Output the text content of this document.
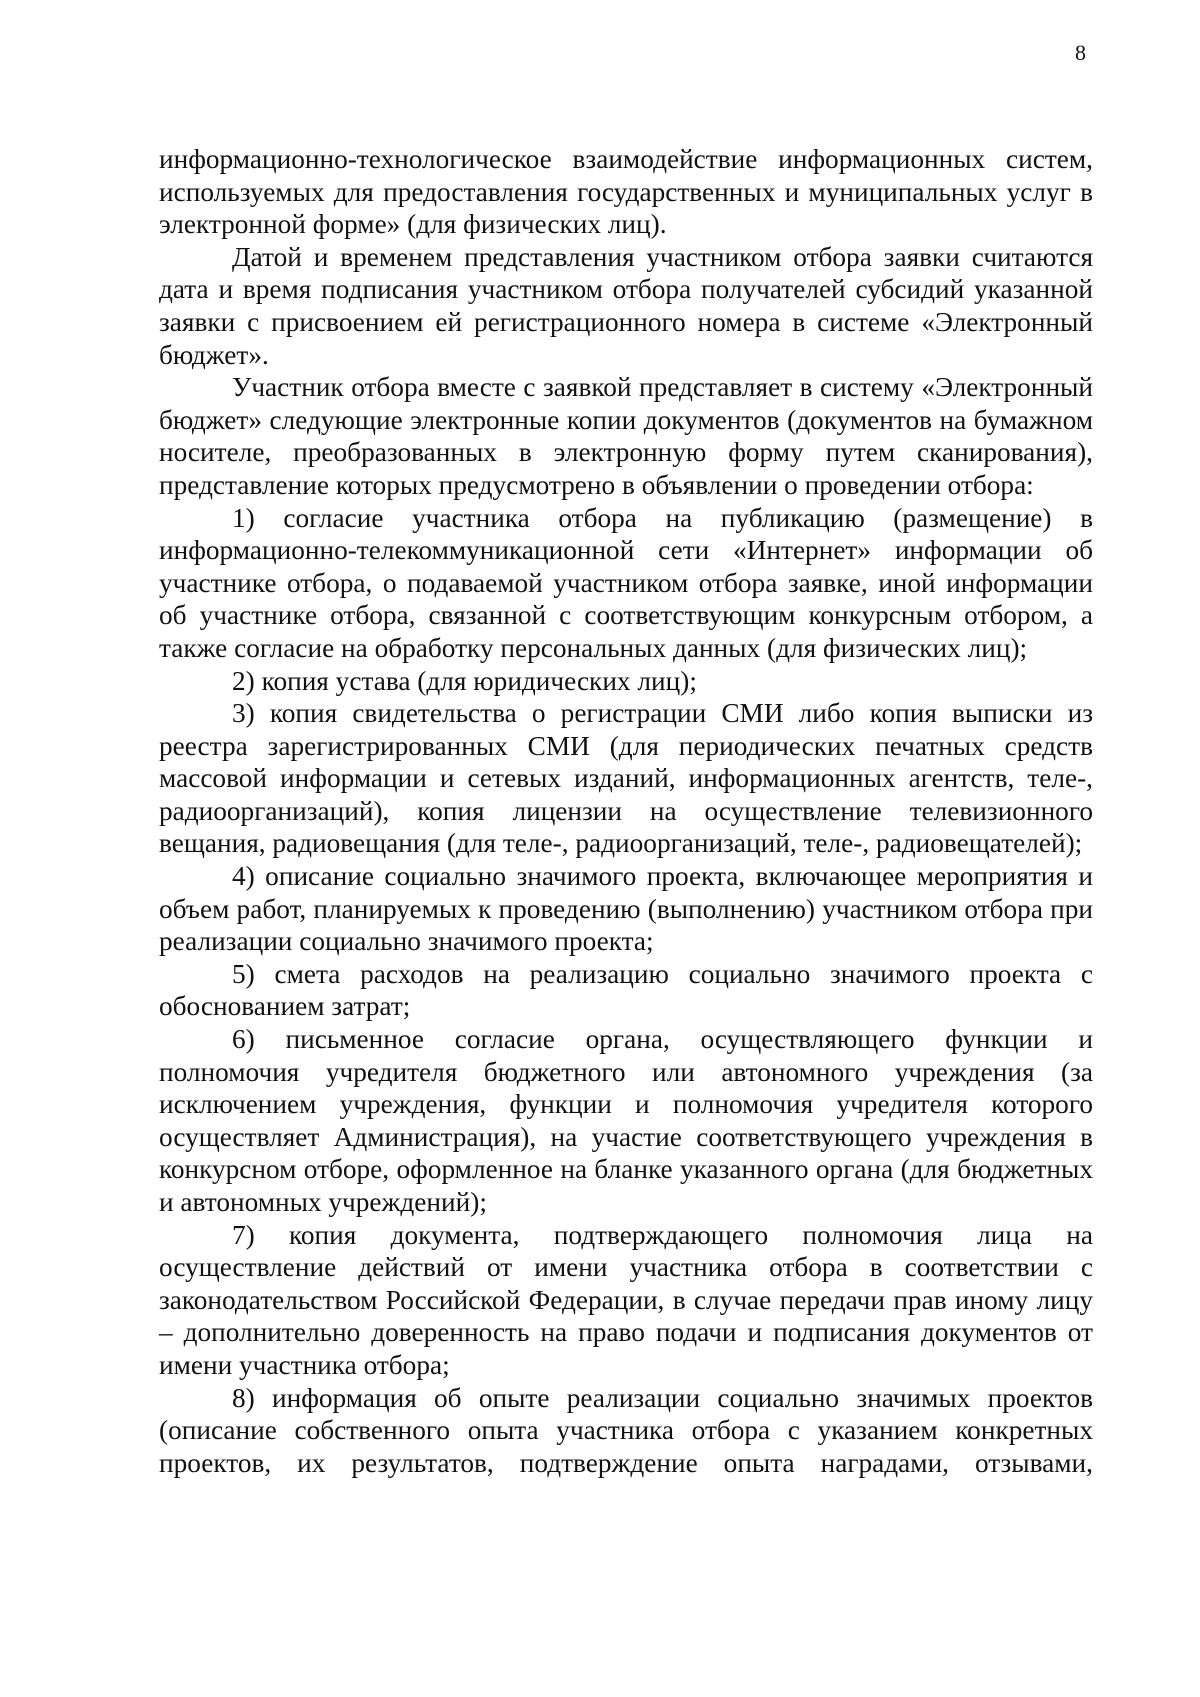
8

информационно-технологическое взаимодействие информационных систем, используемых для предоставления государственных и муниципальных услуг в электронной форме» (для физических лиц).

Датой и временем представления участником отбора заявки считаются дата и время подписания участником отбора получателей субсидий указанной заявки с присвоением ей регистрационного номера в системе «Электронный бюджет».

Участник отбора вместе с заявкой представляет в систему «Электронный бюджет» следующие электронные копии документов (документов на бумажном носителе, преобразованных в электронную форму путем сканирования), представление которых предусмотрено в объявлении о проведении отбора:

1) согласие участника отбора на публикацию (размещение) в информационно-телекоммуникационной сети «Интернет» информации об участнике отбора, о подаваемой участником отбора заявке, иной информации об участнике отбора, связанной с соответствующим конкурсным отбором, а также согласие на обработку персональных данных (для физических лиц);

2) копия устава (для юридических лиц);

3) копия свидетельства о регистрации СМИ либо копия выписки из реестра зарегистрированных СМИ (для периодических печатных средств массовой информации и сетевых изданий, информационных агентств, теле-, радиоорганизаций), копия лицензии на осуществление телевизионного вещания, радиовещания (для теле-, радиоорганизаций, теле-, радиовещателей);

4) описание социально значимого проекта, включающее мероприятия и объем работ, планируемых к проведению (выполнению) участником отбора при реализации социально значимого проекта;

5) смета расходов на реализацию социально значимого проекта с обоснованием затрат;

6) письменное согласие органа, осуществляющего функции и полномочия учредителя бюджетного или автономного учреждения (за исключением учреждения, функции и полномочия учредителя которого осуществляет Администрация), на участие соответствующего учреждения в конкурсном отборе, оформленное на бланке указанного органа (для бюджетных и автономных учреждений);

7) копия документа, подтверждающего полномочия лица на осуществление действий от имени участника отбора в соответствии с законодательством Российской Федерации, в случае передачи прав иному лицу – дополнительно доверенность на право подачи и подписания документов от имени участника отбора;

8) информация об опыте реализации социально значимых проектов (описание собственного опыта участника отбора с указанием конкретных проектов, их результатов, подтверждение опыта наградами, отзывами,
